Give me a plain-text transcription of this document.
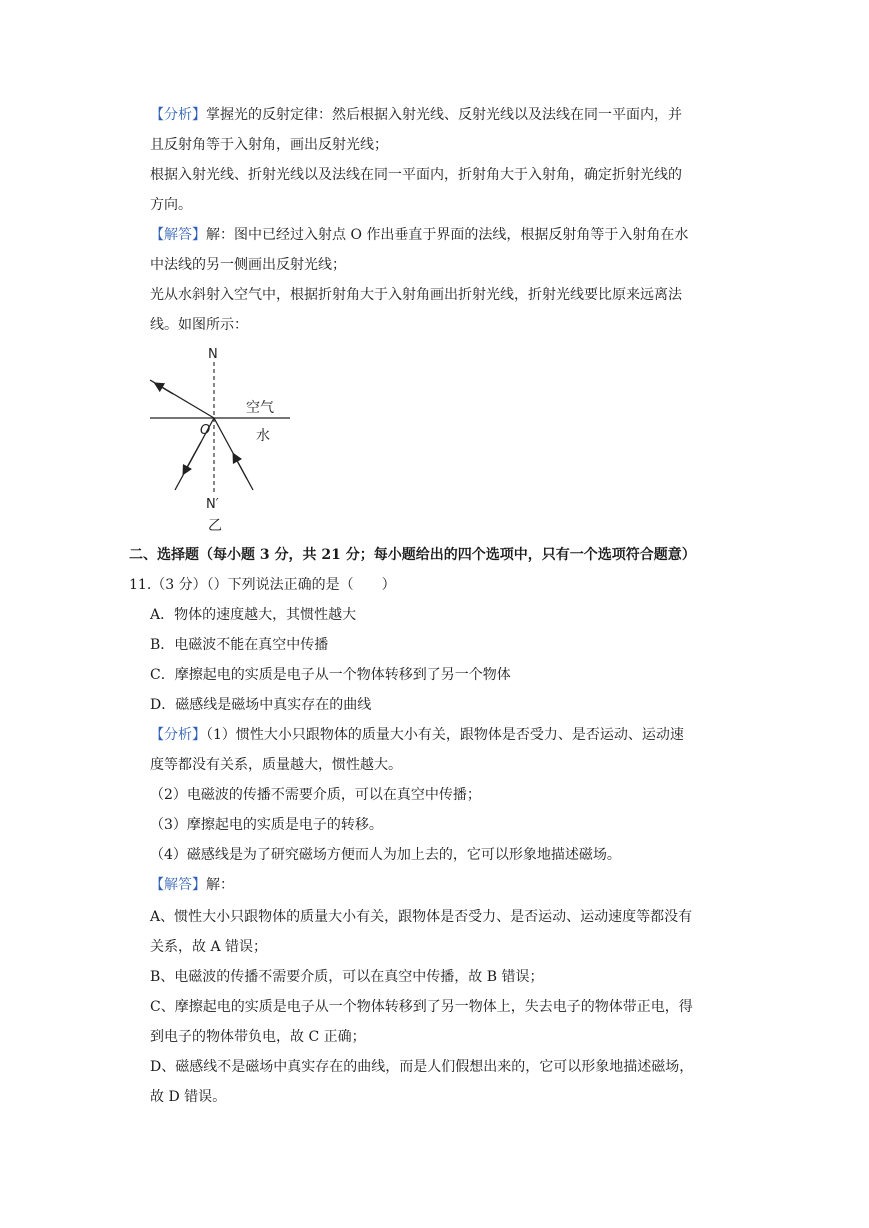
【分析】掌握光的反射定律：然后根据入射光线、反射光线以及法线在同一平面内，并
且反射角等于入射角，画出反射光线；
根据入射光线、折射光线以及法线在同一平面内，折射角大于入射角，确定折射光线的
方向。
【解答】解：图中已经过入射点 O 作出垂直于界面的法线，根据反射角等于入射角在水
中法线的另一侧画出反射光线；
光从水斜射入空气中，根据折射角大于入射角画出折射光线，折射光线要比原来远离法
线。如图所示：
N
空气
O	水
N′
乙
二、选择题（每小题 3 分，共 21 分；每小题给出的四个选项中，只有一个选项符合题意）
11.（3 分）（）下列说法正确的是（　　）
A．物体的速度越大，其惯性越大
B．电磁波不能在真空中传播
C．摩擦起电的实质是电子从一个物体转移到了另一个物体
D．磁感线是磁场中真实存在的曲线
【分析】（1）惯性大小只跟物体的质量大小有关，跟物体是否受力、是否运动、运动速
度等都没有关系，质量越大，惯性越大。
（2）电磁波的传播不需要介质，可以在真空中传播；
（3）摩擦起电的实质是电子的转移。
（4）磁感线是为了研究磁场方便而人为加上去的，它可以形象地描述磁场。
【解答】解：
A、惯性大小只跟物体的质量大小有关，跟物体是否受力、是否运动、运动速度等都没有
关系，故 A 错误；
B、电磁波的传播不需要介质，可以在真空中传播，故 B 错误；
C、摩擦起电的实质是电子从一个物体转移到了另一物体上，失去电子的物体带正电，得
到电子的物体带负电，故 C 正确；
D、磁感线不是磁场中真实存在的曲线，而是人们假想出来的，它可以形象地描述磁场，
故 D 错误。
